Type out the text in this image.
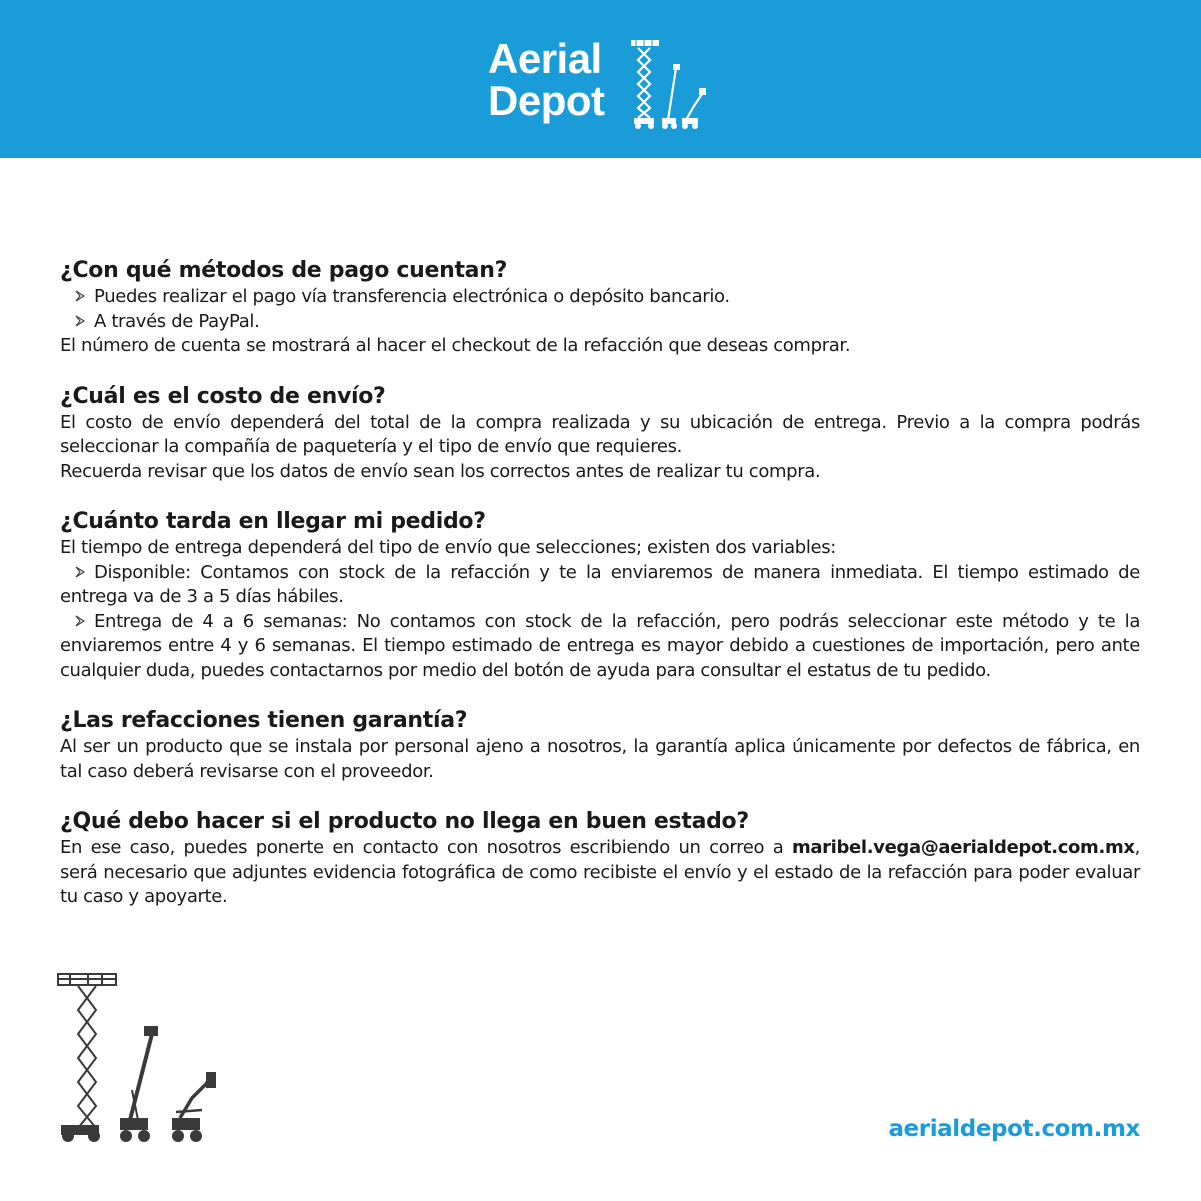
Aerial
Depot

¿Con qué métodos de pago cuentan?

Puedes realizar el pago vía transferencia electrónica o depósito bancario.

A través de PayPal.

El número de cuenta se mostrará al hacer el checkout de la refacción que deseas comprar.

¿Cuál es el costo de envío?

El costo de envío dependerá del total de la compra realizada y su ubicación de entrega. Previo a la compra podrás seleccionar la compañía de paquetería y el tipo de envío que requieres.

Recuerda revisar que los datos de envío sean los correctos antes de realizar tu compra.

¿Cuánto tarda en llegar mi pedido?

El tiempo de entrega dependerá del tipo de envío que selecciones; existen dos variables:

Disponible: Contamos con stock de la refacción y te la enviaremos de manera inmediata. El tiempo estimado de entrega va de 3 a 5 días hábiles.

Entrega de 4 a 6 semanas: No contamos con stock de la refacción, pero podrás seleccionar este método y te la enviaremos entre 4 y 6 semanas. El tiempo estimado de entrega es mayor debido a cuestiones de importación, pero ante cualquier duda, puedes contactarnos por medio del botón de ayuda para consultar el estatus de tu pedido.

¿Las refacciones tienen garantía?

Al ser un producto que se instala por personal ajeno a nosotros, la garantía aplica únicamente por defectos de fábrica, en tal caso deberá revisarse con el proveedor.

¿Qué debo hacer si el producto no llega en buen estado?

En ese caso, puedes ponerte en contacto con nosotros escribiendo un correo a maribel.vega@aerialdepot.com.mx, será necesario que adjuntes evidencia fotográfica de como recibiste el envío y el estado de la refacción para poder evaluar tu caso y apoyarte.

aerialdepot.com.mx
